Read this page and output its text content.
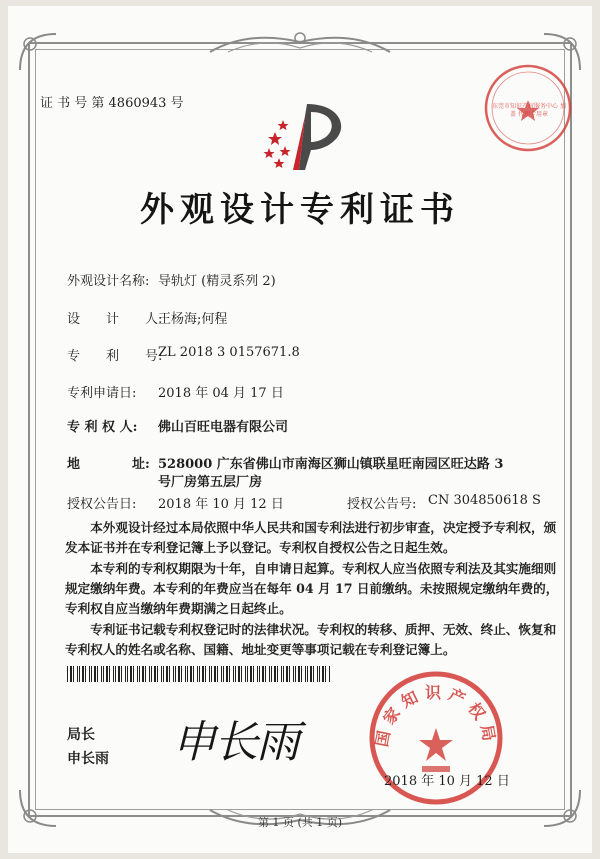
证 书 号 第 4860943 号	东莞市知识产权服务中心 加盖 代理专用章
外观设计专利证书
外观设计名称: 导轨灯 (精灵系列 2)
设　　计　　人:
王杨海;何程
专　　利　　号:
ZL 2018 3 0157671.8
专利申请日: 2018 年 04 月 17 日
专 利 权 人: 佛山百旺电器有限公司
地　　　　址: 528000 广东省佛山市南海区狮山镇联星旺南园区旺达路 3
号厂房第五层厂房
授权公告日: 2018 年 10 月 12 日	授权公告号: CN 304850618 S
本外观设计经过本局依照中华人民共和国专利法进行初步审查，决定授予专利权，颁发本证书并在专利登记簿上予以登记。专利权自授权公告之日起生效。
本专利的专利权期限为十年，自申请日起算。专利权人应当依照专利法及其实施细则规定缴纳年费。本专利的年费应当在每年 04 月 17 日前缴纳。未按照规定缴纳年费的，专利权自应当缴纳年费期满之日起终止。
专利证书记载专利权登记时的法律状况。专利权的转移、质押、无效、终止、恢复和专利权人的姓名或名称、国籍、地址变更等事项记载在专利登记簿上。
局长
申长雨 申长雨	国家知识产权局
2018 年 10 月 12 日
第 1 页 (共 1 页)
